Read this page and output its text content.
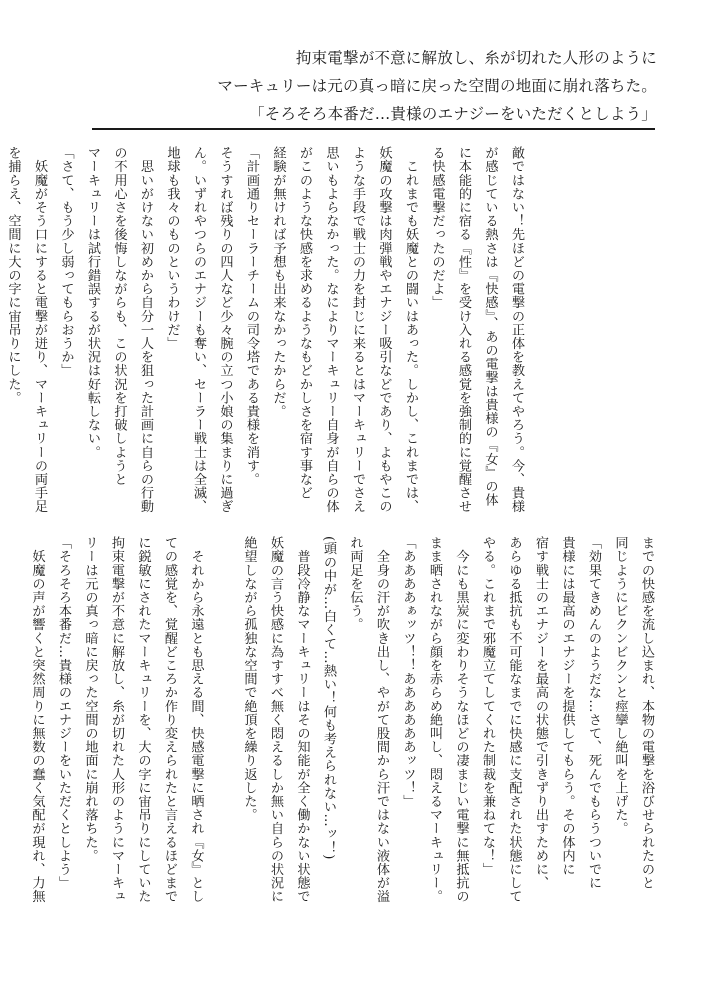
拘束電撃が不意に解放し、糸が切れた人形のように
マーキュリーは元の真っ暗に戻った空間の地面に崩れ落ちた。
「そろそろ本番だ…貴様のエナジーをいただくとしよう」

敵ではない！先ほどの電撃の正体を教えてやろう。今、貴様

が感じている熱さは『快感』、あの電撃は貴様の『女』の体

に本能的に宿る『性』を受け入れる感覚を強制的に覚醒させ

る快感電撃だったのだよ」

　これまでも妖魔との闘いはあった。しかし、これまでは、

妖魔の攻撃は肉弾戦やエナジー吸引などであり、よもやこの

ような手段で戦士の力を封じに来るとはマーキュリーでさえ

思いもよらなかった。なによりマーキュリー自身が自らの体

がこのような快感を求めるようなもどかしさを宿す事など

経験が無ければ予想も出来なかったからだ。

「計画通りセーラーチームの司令塔である貴様を消す。

そうすれば残りの四人など少々腕の立つ小娘の集まりに過ぎ

ん。いずれやつらのエナジーも奪い、セーラー戦士は全滅、

地球も我々のものというわけだ」

　思いがけない初めから自分一人を狙った計画に自らの行動

の不用心さを後悔しながらも、この状況を打破しようと

マーキュリーは試行錯誤するが状況は好転しない。

「さて、もう少し弱ってもらおうか」

　妖魔がそう口にすると電撃が迸り、マーキュリーの両手足

を捕らえ、空間に大の字に宙吊りにした。

までの快感を流し込まれ、本物の電撃を浴びせられたのと

同じようにビクンビクンと痙攣し絶叫を上げた。

「効果てきめんのようだな…さて、死んでもらうついでに

貴様には最高のエナジーを提供してもらう。その体内に

宿す戦士のエナジーを最高の状態で引きずり出すために、

あらゆる抵抗も不可能なまでに快感に支配された状態にして

やる。これまで邪魔立てしてくれた制裁を兼ねてな！」

　今にも黒炭に変わりそうなほどの凄まじい電撃に無抵抗の

まま晒されながら顔を赤らめ絶叫し、悶えるマーキュリー。

「ああああぁッツ！！ああああああッツ！」

　全身の汗が吹き出し、やがて股間から汗ではない液体が溢

れ両足を伝う。

(頭の中が…白くて…熱い！何も考えられない…ッ！)

　普段冷静なマーキュリーはその知能が全く働かない状態で

妖魔の言う快感に為すすべ無く悶えるしか無い自らの状況に

絶望しながら孤独な空間で絶頂を繰り返した。

　それから永遠とも思える間、快感電撃に晒され『女』とし

ての感覚を、覚醒どころか作り変えられたと言えるほどまで

に鋭敏にされたマーキュリーを、大の字に宙吊りにしていた

拘束電撃が不意に解放し、糸が切れた人形のようにマーキュ

リーは元の真っ暗に戻った空間の地面に崩れ落ちた。

「そろそろ本番だ…貴様のエナジーをいただくとしよう」

　妖魔の声が響くと突然周りに無数の蠢く気配が現れ、力無
